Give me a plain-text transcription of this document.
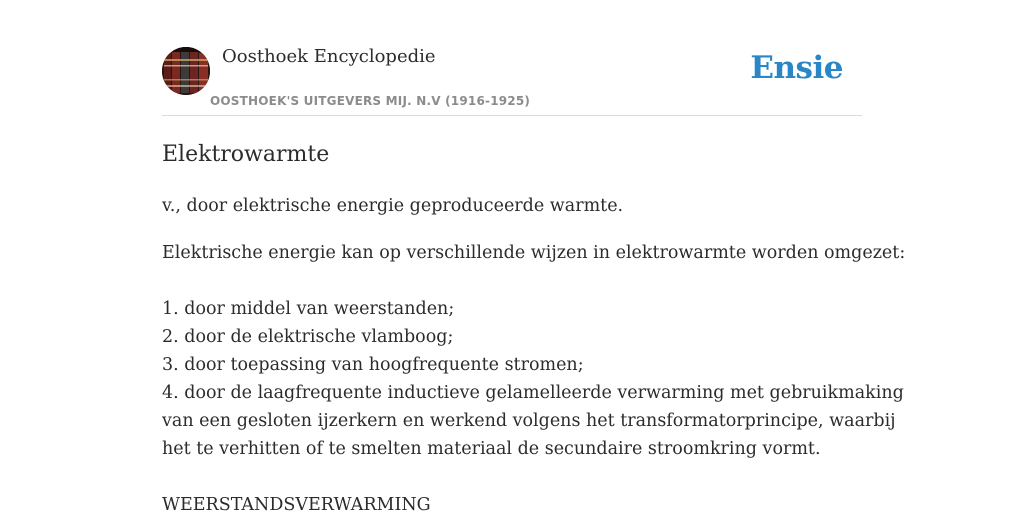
Oosthoek Encyclopedie
OOSTHOEK'S UITGEVERS MIJ. N.V (1916-1925)
Ensie
Elektrowarmte

v., door elektrische energie geproduceerde warmte.

Elektrische energie kan op verschillende wijzen in elektrowarmte worden omgezet:

1. door middel van weerstanden;
2. door de elektrische vlamboog;
3. door toepassing van hoogfrequente stromen;
4. door de laagfrequente inductieve gelamelleerde verwarming met gebruikmaking
van een gesloten ijzerkern en werkend volgens het transformatorprincipe, waarbij
het te verhitten of te smelten materiaal de secundaire stroomkring vormt.
WEERSTANDSVERWARMING
